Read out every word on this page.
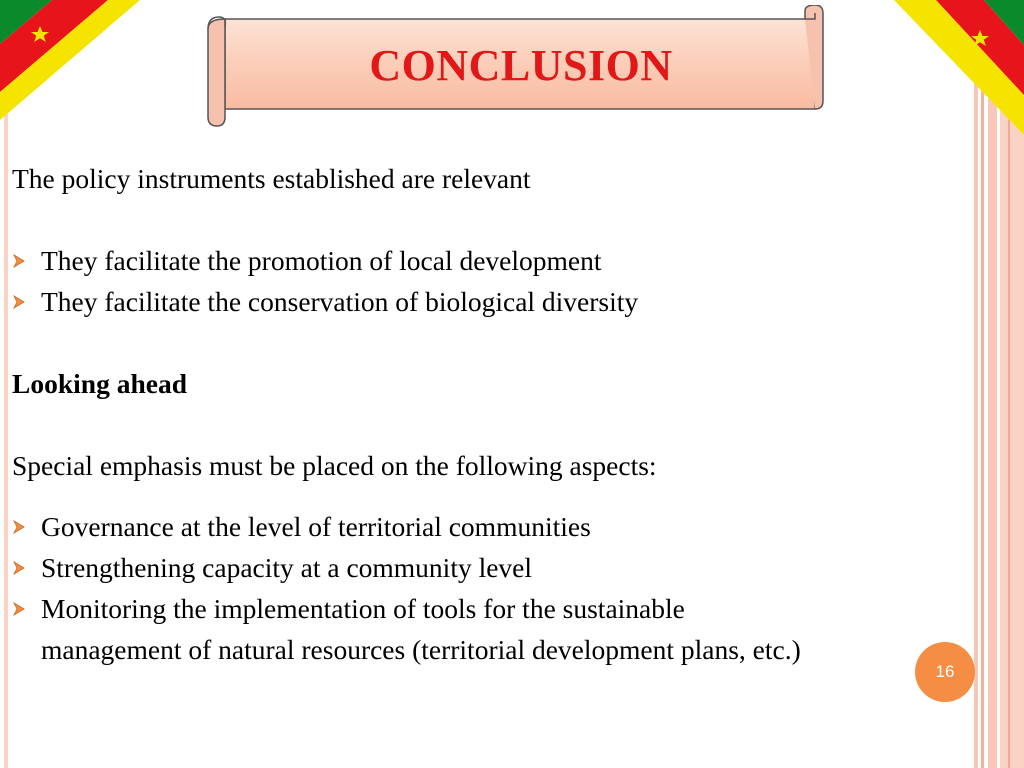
CONCLUSION

The policy instruments established are relevant

They facilitate the promotion of local development
They facilitate the conservation of biological diversity

Looking ahead

Special emphasis must be placed on the following aspects:

Governance at the level of territorial communities
Strengthening capacity at a community level
Monitoring the implementation of tools for the sustainable management of natural resources (territorial development plans, etc.)
16
